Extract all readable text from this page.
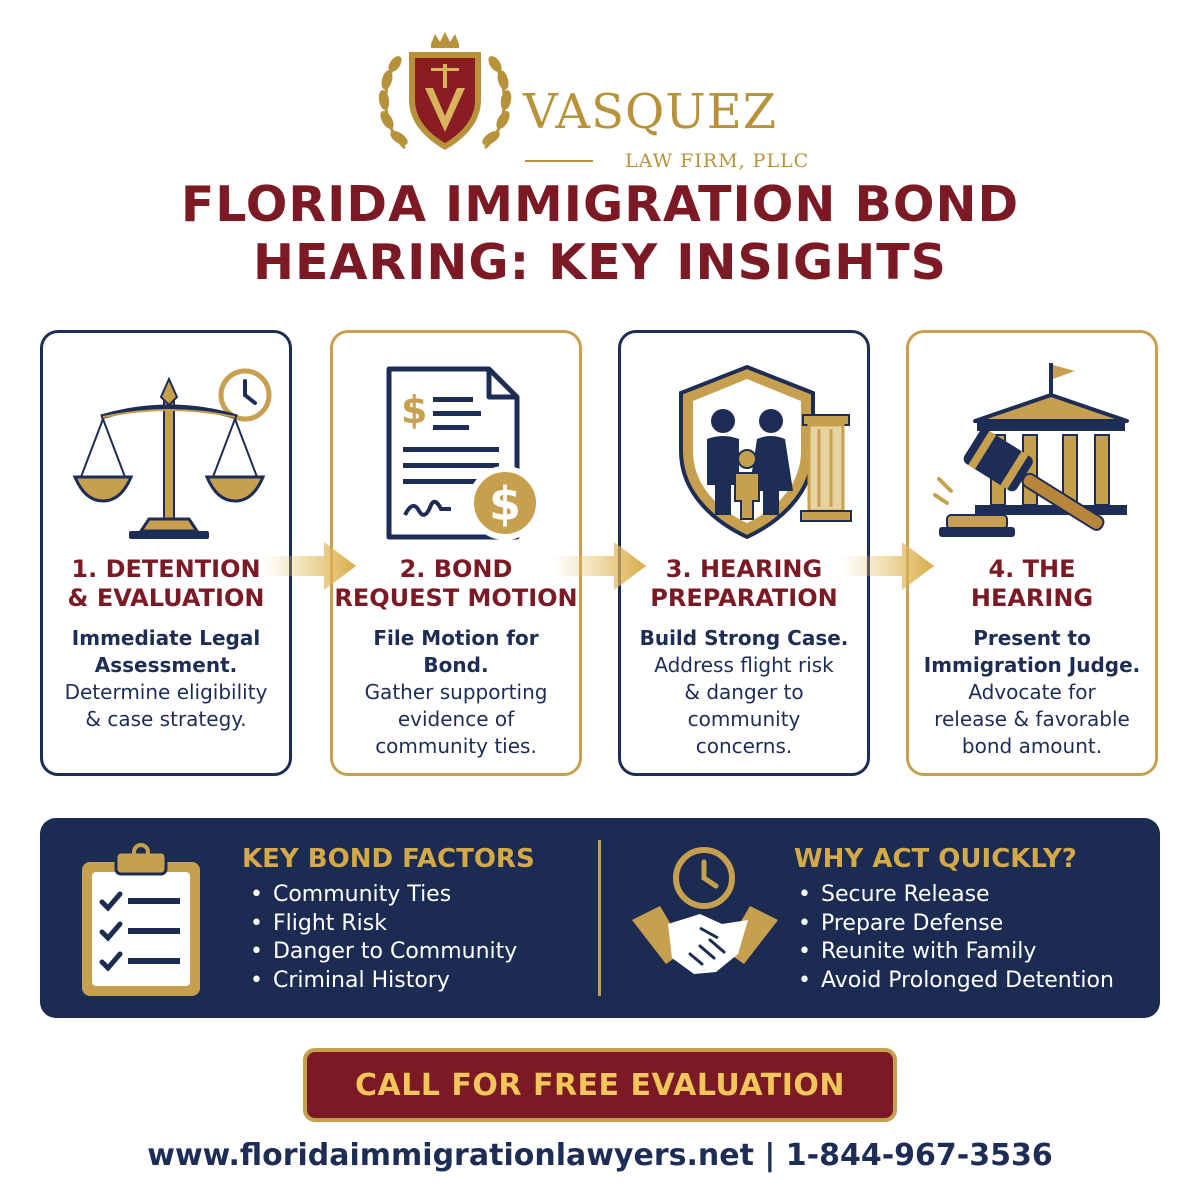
VASQUEZ
LAW FIRM, PLLC
FLORIDA IMMIGRATION BOND
HEARING: KEY INSIGHTS
1. DETENTION
& EVALUATION
Immediate Legal
Assessment.
Determine eligibility
& case strategy.
$
$
2. BOND
REQUEST MOTION
File Motion for
Bond.
Gather supporting
evidence of
community ties.
3. HEARING
PREPARATION
Build Strong Case.
Address flight risk
& danger to
community
concerns.
4. THE
HEARING
Present to
Immigration Judge.
Advocate for
release & favorable
bond amount.
KEY BOND FACTORS
• Community Ties
• Flight Risk
• Danger to Community
• Criminal History
WHY ACT QUICKLY?
• Secure Release
• Prepare Defense
• Reunite with Family
• Avoid Prolonged Detention
CALL FOR FREE EVALUATION
www.floridaimmigrationlawyers.net | 1-844-967-3536
